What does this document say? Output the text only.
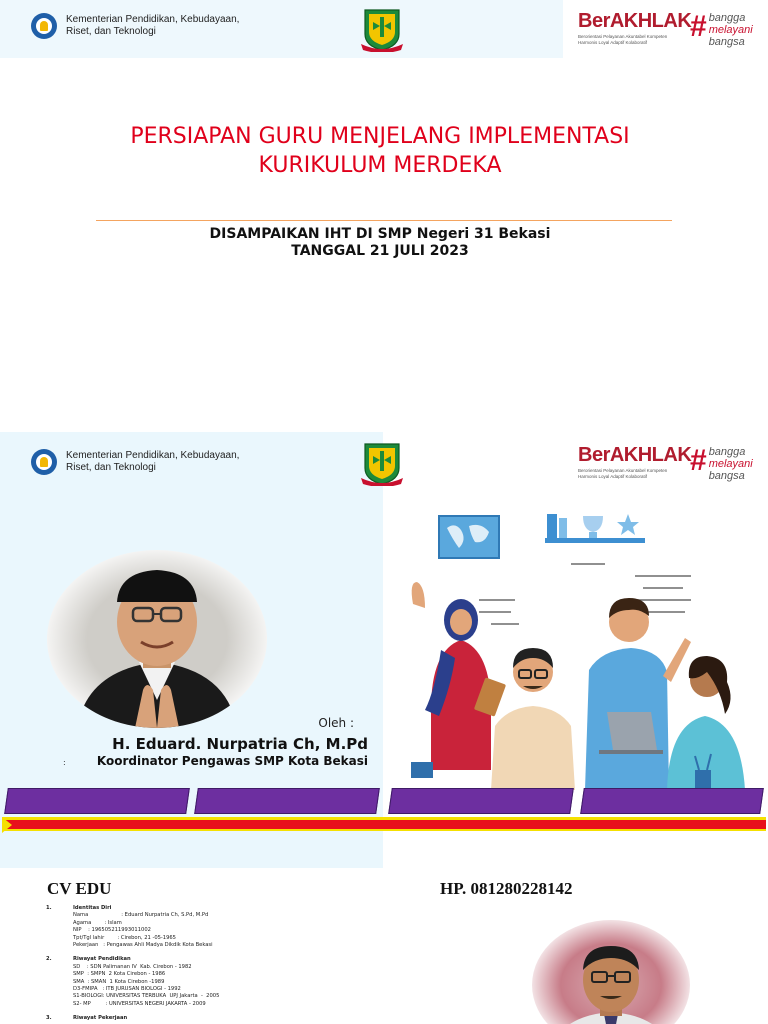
Kementerian Pendidikan, Kebudayaan,
Riset, dan Teknologi	BerAKHLAK
Berorientasi Pelayanan Akuntabel Kompeten
Harmonis Loyal Adaptif Kolaboratif	# bangga
melayani
bangsa
PERSIAPAN GURU MENJELANG IMPLEMENTASI
KURIKULUM MERDEKA
DISAMPAIKAN IHT DI SMP Negeri 31 Bekasi
TANGGAL 21 JULI 2023
Kementerian Pendidikan, Kebudayaan,
Riset, dan Teknologi
BerAKHLAK
Berorientasi Pelayanan Akuntabel Kompeten
Harmonis Loyal Adaptif Kolaboratif	# bangga
melayani
bangsa
Oleh :
H. Eduard. Nurpatria Ch, M.Pd
Koordinator Pengawas SMP Kota Bekasi
:
CV EDU	HP. 081280228142
1.	Identitas Diri
Nama                    : Eduard Nurpatria Ch, S.Pd, M.Pd
Agama        : Islam
NIP    : 196505211993011002
Tpt/Tgl lahir        : Cirebon, 21 -05-1965
Pekerjaan   : Pengawas Ahli Madya Dikdik Kota Bekasi
2.	Riwayat Pendidikan
SD    : SDN Palimanan IV  Kab. Cirebon - 1982
SMP  : SMPN  2 Kota Cirebon - 1986
SMA  : SMAN  1 Kota Cirebon -1989
D3-FMIPA   : ITB JURUSAN BIOLOGI - 1992
S1-BIOLOGI: UNIVERSITAS TERBUKA  UPJ Jakarta  -  2005
S2- MP         : UNIVERSITAS NEGERI JAKARTA - 2009
3.	Riwayat Pekerjaan
